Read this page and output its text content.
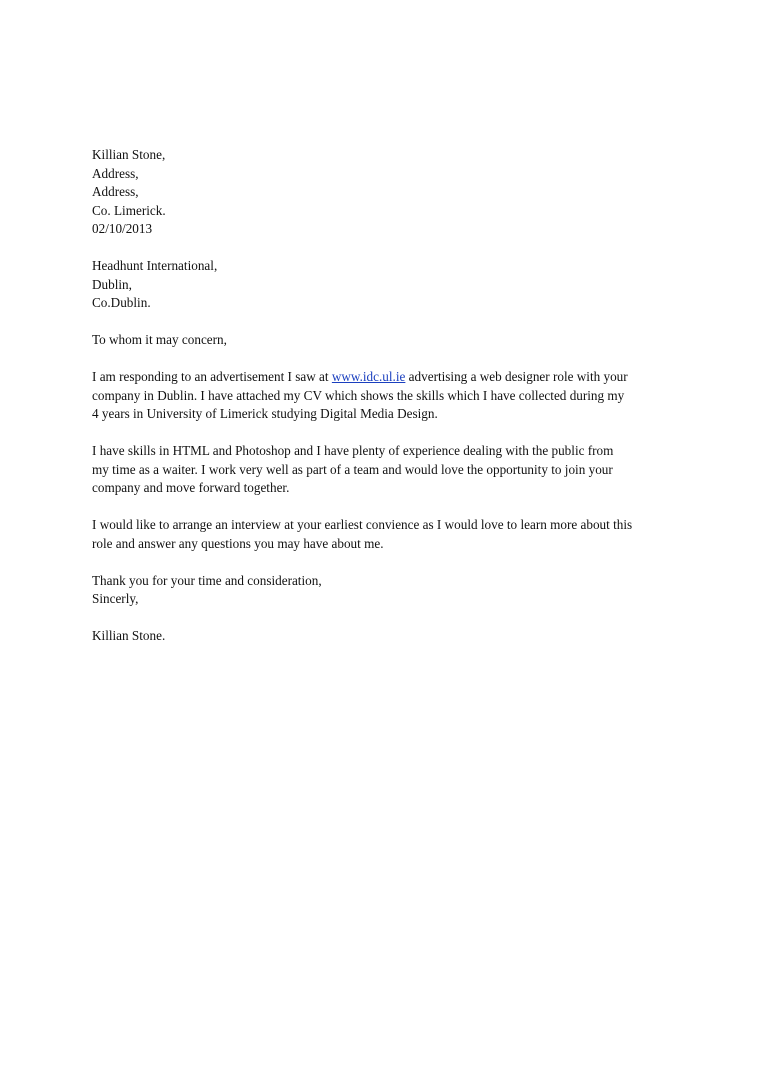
Killian Stone,
Address,
Address,
Co. Limerick.
02/10/2013
Headhunt International,
Dublin,
Co.Dublin.
To whom it may concern,
I am responding to an advertisement I saw at www.idc.ul.ie advertising a web designer role with your
company in Dublin. I have attached my CV which shows the skills which I have collected during my
4 years in University of Limerick studying Digital Media Design.
I have skills in HTML and Photoshop and I have plenty of experience dealing with the public from
my time as a waiter. I work very well as part of a team and would love the opportunity to join your
company and move forward together.
I would like to arrange an interview at your earliest convience as I would love to learn more about this
role and answer any questions you may have about me.
Thank you for your time and consideration,
Sincerly,
Killian Stone.
